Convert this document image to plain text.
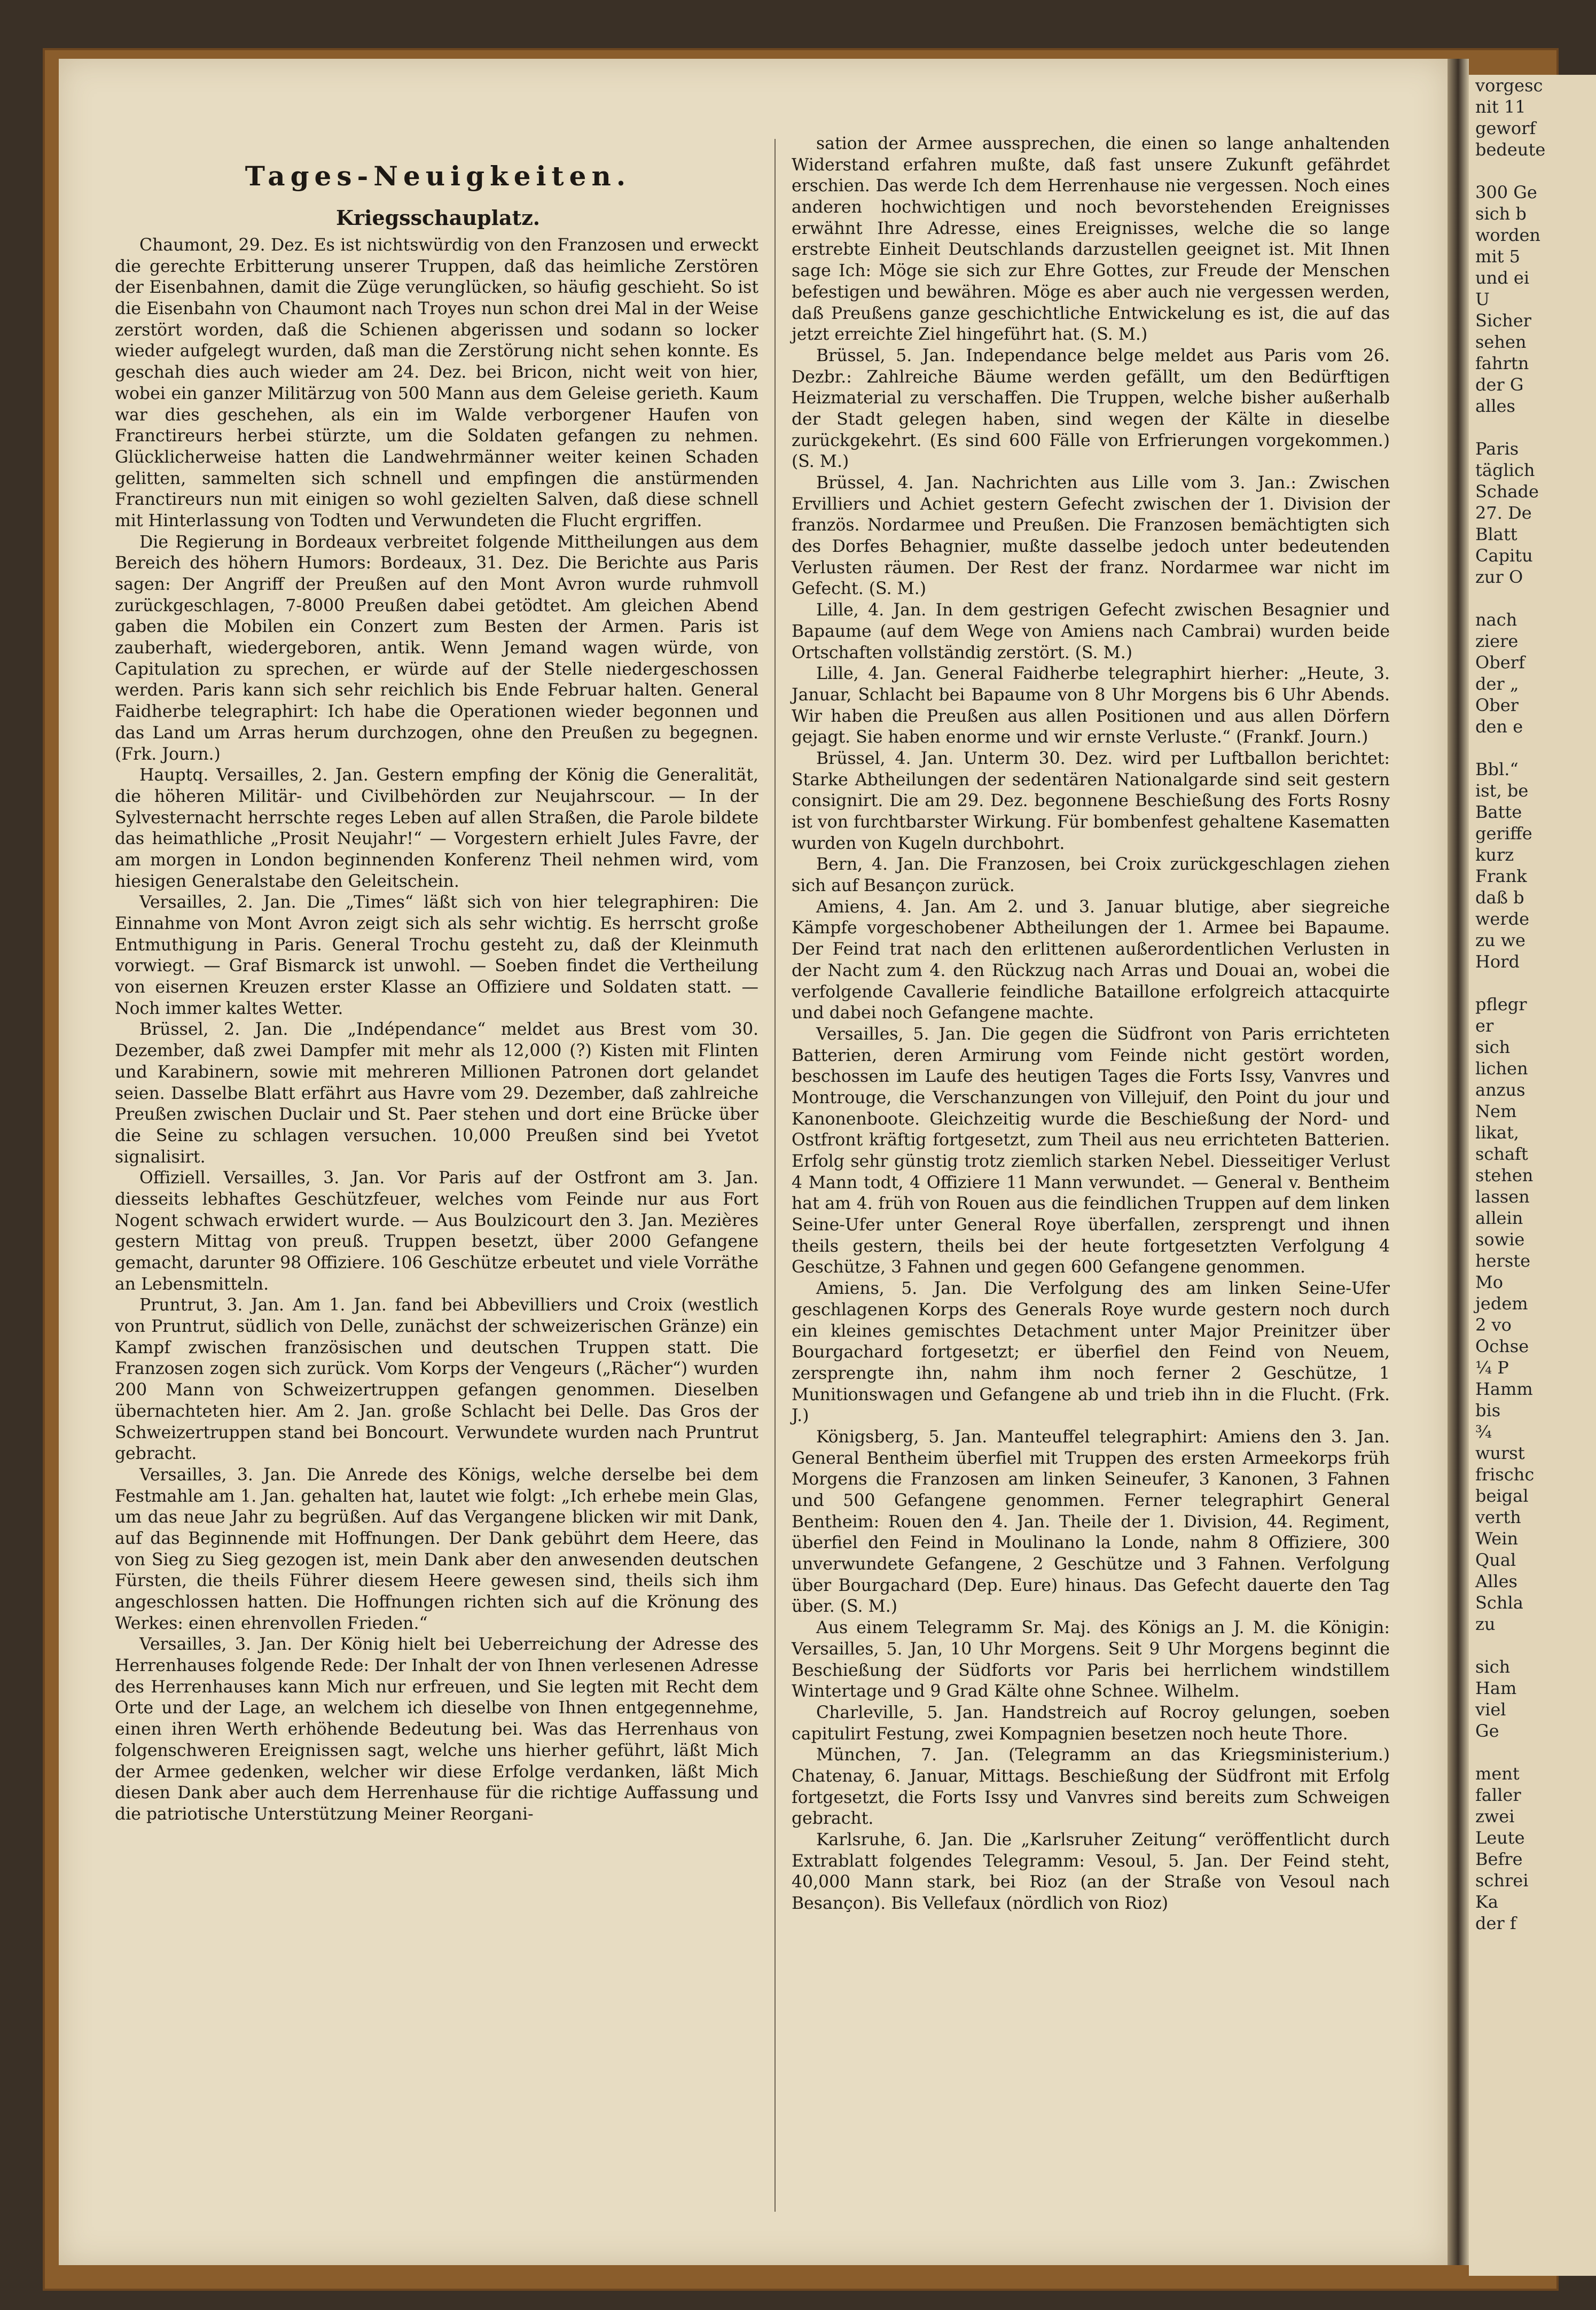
vorgesc
nit 11
geworf
bedeute
300 Ge
sich b
worden
mit 5
und ei
U
Sicher
sehen
fahrtn
der G
alles
Paris
täglich
Schade
27. De
Blatt
Capitu
zur O
nach
ziere
Oberf
der „
Ober
den e
Bbl.“
ist, be
Batte
geriffe
kurz
Frank
daß b
werde
zu we
Hord
pflegr
er
sich
lichen
anzus
Nem
likat,
schaft
stehen
lassen
allein
sowie
herste
Mo
jedem
2 vo
Ochse
¼ P
Hamm
bis
¾
wurst
frischc
beigal
verth
Wein
Qual
Alles
Schla
zu
sich
Ham
viel
Ge
ment
faller
zwei
Leute
Befre
schrei
Ka
der f
Tages-Neuigkeiten.
Kriegsschauplatz.

Chaumont, 29. Dez. Es ist nichtswürdig von den Franzosen und erweckt die gerechte Erbitterung unserer Truppen, daß das heimliche Zerstören der Eisenbahnen, damit die Züge verunglücken, so häufig geschieht. So ist die Eisenbahn von Chaumont nach Troyes nun schon drei Mal in der Weise zerstört worden, daß die Schienen abgerissen und sodann so locker wieder aufgelegt wurden, daß man die Zerstörung nicht sehen konnte. Es geschah dies auch wieder am 24. Dez. bei Bricon, nicht weit von hier, wobei ein ganzer Militärzug von 500 Mann aus dem Geleise gerieth. Kaum war dies geschehen, als ein im Walde verborgener Haufen von Franctireurs herbei stürzte, um die Soldaten gefangen zu nehmen. Glücklicherweise hatten die Landwehrmänner weiter keinen Schaden gelitten, sammelten sich schnell und empfingen die anstürmenden Franctireurs nun mit einigen so wohl gezielten Salven, daß diese schnell mit Hinterlassung von Todten und Verwundeten die Flucht ergriffen.

Die Regierung in Bordeaux verbreitet folgende Mittheilungen aus dem Bereich des höhern Humors: Bordeaux, 31. Dez. Die Berichte aus Paris sagen: Der Angriff der Preußen auf den Mont Avron wurde ruhmvoll zurückgeschlagen, 7-8000 Preußen dabei getödtet. Am gleichen Abend gaben die Mobilen ein Conzert zum Besten der Armen. Paris ist zauberhaft, wiedergeboren, antik. Wenn Jemand wagen würde, von Capitulation zu sprechen, er würde auf der Stelle niedergeschossen werden. Paris kann sich sehr reichlich bis Ende Februar halten. General Faidherbe telegraphirt: Ich habe die Operationen wieder begonnen und das Land um Arras herum durchzogen, ohne den Preußen zu begegnen. (Frk. Journ.)

Hauptq. Versailles, 2. Jan. Gestern empfing der König die Generalität, die höheren Militär- und Civilbehörden zur Neujahrscour. — In der Sylvesternacht herrschte reges Leben auf allen Straßen, die Parole bildete das heimathliche „Prosit Neujahr!“ — Vorgestern erhielt Jules Favre, der am morgen in London beginnenden Konferenz Theil nehmen wird, vom hiesigen Generalstabe den Geleitschein.

Versailles, 2. Jan. Die „Times“ läßt sich von hier telegraphiren: Die Einnahme von Mont Avron zeigt sich als sehr wichtig. Es herrscht große Entmuthigung in Paris. General Trochu gesteht zu, daß der Kleinmuth vorwiegt. — Graf Bismarck ist unwohl. — Soeben findet die Vertheilung von eisernen Kreuzen erster Klasse an Offiziere und Soldaten statt. — Noch immer kaltes Wetter.

Brüssel, 2. Jan. Die „Indépendance“ meldet aus Brest vom 30. Dezember, daß zwei Dampfer mit mehr als 12,000 (?) Kisten mit Flinten und Karabinern, sowie mit mehreren Millionen Patronen dort gelandet seien. Dasselbe Blatt erfährt aus Havre vom 29. Dezember, daß zahlreiche Preußen zwischen Duclair und St. Paer stehen und dort eine Brücke über die Seine zu schlagen versuchen. 10,000 Preußen sind bei Yvetot signalisirt.

Offiziell. Versailles, 3. Jan. Vor Paris auf der Ostfront am 3. Jan. diesseits lebhaftes Geschützfeuer, welches vom Feinde nur aus Fort Nogent schwach erwidert wurde. — Aus Boulzicourt den 3. Jan. Mezières gestern Mittag von preuß. Truppen besetzt, über 2000 Gefangene gemacht, darunter 98 Offiziere. 106 Geschütze erbeutet und viele Vorräthe an Lebensmitteln.

Pruntrut, 3. Jan. Am 1. Jan. fand bei Abbevilliers und Croix (westlich von Pruntrut, südlich von Delle, zunächst der schweizerischen Gränze) ein Kampf zwischen französischen und deutschen Truppen statt. Die Franzosen zogen sich zurück. Vom Korps der Vengeurs („Rächer“) wurden 200 Mann von Schweizertruppen gefangen genommen. Dieselben übernachteten hier. Am 2. Jan. große Schlacht bei Delle. Das Gros der Schweizertruppen stand bei Boncourt. Verwundete wurden nach Pruntrut gebracht.

Versailles, 3. Jan. Die Anrede des Königs, welche derselbe bei dem Festmahle am 1. Jan. gehalten hat, lautet wie folgt: „Ich erhebe mein Glas, um das neue Jahr zu begrüßen. Auf das Vergangene blicken wir mit Dank, auf das Beginnende mit Hoffnungen. Der Dank gebührt dem Heere, das von Sieg zu Sieg gezogen ist, mein Dank aber den anwesenden deutschen Fürsten, die theils Führer diesem Heere gewesen sind, theils sich ihm angeschlossen hatten. Die Hoffnungen richten sich auf die Krönung des Werkes: einen ehrenvollen Frieden.“

Versailles, 3. Jan. Der König hielt bei Ueberreichung der Adresse des Herrenhauses folgende Rede: Der Inhalt der von Ihnen verlesenen Adresse des Herrenhauses kann Mich nur erfreuen, und Sie legten mit Recht dem Orte und der Lage, an welchem ich dieselbe von Ihnen entgegennehme, einen ihren Werth erhöhende Bedeutung bei. Was das Herrenhaus von folgenschweren Ereignissen sagt, welche uns hierher geführt, läßt Mich der Armee gedenken, welcher wir diese Erfolge verdanken, läßt Mich diesen Dank aber auch dem Herrenhause für die richtige Auffassung und die patriotische Unterstützung Meiner Reorgani-

sation der Armee aussprechen, die einen so lange anhaltenden Widerstand erfahren mußte, daß fast unsere Zukunft gefährdet erschien. Das werde Ich dem Herrenhause nie vergessen. Noch eines anderen hochwichtigen und noch bevorstehenden Ereignisses erwähnt Ihre Adresse, eines Ereignisses, welche die so lange erstrebte Einheit Deutschlands darzustellen geeignet ist. Mit Ihnen sage Ich: Möge sie sich zur Ehre Gottes, zur Freude der Menschen befestigen und bewähren. Möge es aber auch nie vergessen werden, daß Preußens ganze geschichtliche Entwickelung es ist, die auf das jetzt erreichte Ziel hingeführt hat. (S. M.)

Brüssel, 5. Jan. Independance belge meldet aus Paris vom 26. Dezbr.: Zahlreiche Bäume werden gefällt, um den Bedürftigen Heizmaterial zu verschaffen. Die Truppen, welche bisher außerhalb der Stadt gelegen haben, sind wegen der Kälte in dieselbe zurückgekehrt. (Es sind 600 Fälle von Erfrierungen vorgekommen.) (S. M.)

Brüssel, 4. Jan. Nachrichten aus Lille vom 3. Jan.: Zwischen Ervilliers und Achiet gestern Gefecht zwischen der 1. Division der französ. Nordarmee und Preußen. Die Franzosen bemächtigten sich des Dorfes Behagnier, mußte dasselbe jedoch unter bedeutenden Verlusten räumen. Der Rest der franz. Nordarmee war nicht im Gefecht. (S. M.)

Lille, 4. Jan. In dem gestrigen Gefecht zwischen Besagnier und Bapaume (auf dem Wege von Amiens nach Cambrai) wurden beide Ortschaften vollständig zerstört. (S. M.)

Lille, 4. Jan. General Faidherbe telegraphirt hierher: „Heute, 3. Januar, Schlacht bei Bapaume von 8 Uhr Morgens bis 6 Uhr Abends. Wir haben die Preußen aus allen Positionen und aus allen Dörfern gejagt. Sie haben enorme und wir ernste Verluste.“ (Frankf. Journ.)

Brüssel, 4. Jan. Unterm 30. Dez. wird per Luftballon berichtet: Starke Abtheilungen der sedentären Nationalgarde sind seit gestern consignirt. Die am 29. Dez. begonnene Beschießung des Forts Rosny ist von furchtbarster Wirkung. Für bombenfest gehaltene Kasematten wurden von Kugeln durchbohrt.

Bern, 4. Jan. Die Franzosen, bei Croix zurückgeschlagen ziehen sich auf Besançon zurück.

Amiens, 4. Jan. Am 2. und 3. Januar blutige, aber siegreiche Kämpfe vorgeschobener Abtheilungen der 1. Armee bei Bapaume. Der Feind trat nach den erlittenen außerordentlichen Verlusten in der Nacht zum 4. den Rückzug nach Arras und Douai an, wobei die verfolgende Cavallerie feindliche Bataillone erfolgreich attacquirte und dabei noch Gefangene machte.

Versailles, 5. Jan. Die gegen die Südfront von Paris errichteten Batterien, deren Armirung vom Feinde nicht gestört worden, beschossen im Laufe des heutigen Tages die Forts Issy, Vanvres und Montrouge, die Verschanzungen von Villejuif, den Point du jour und Kanonenboote. Gleichzeitig wurde die Beschießung der Nord- und Ostfront kräftig fortgesetzt, zum Theil aus neu errichteten Batterien. Erfolg sehr günstig trotz ziemlich starken Nebel. Diesseitiger Verlust 4 Mann todt, 4 Offiziere 11 Mann verwundet. — General v. Bentheim hat am 4. früh von Rouen aus die feindlichen Truppen auf dem linken Seine-Ufer unter General Roye überfallen, zersprengt und ihnen theils gestern, theils bei der heute fortgesetzten Verfolgung 4 Geschütze, 3 Fahnen und gegen 600 Gefangene genommen.

Amiens, 5. Jan. Die Verfolgung des am linken Seine-Ufer geschlagenen Korps des Generals Roye wurde gestern noch durch ein kleines gemischtes Detachment unter Major Preinitzer über Bourgachard fortgesetzt; er überfiel den Feind von Neuem, zersprengte ihn, nahm ihm noch ferner 2 Geschütze, 1 Munitionswagen und Gefangene ab und trieb ihn in die Flucht. (Frk. J.)

Königsberg, 5. Jan. Manteuffel telegraphirt: Amiens den 3. Jan. General Bentheim überfiel mit Truppen des ersten Armeekorps früh Morgens die Franzosen am linken Seineufer, 3 Kanonen, 3 Fahnen und 500 Gefangene genommen. Ferner telegraphirt General Bentheim: Rouen den 4. Jan. Theile der 1. Division, 44. Regiment, überfiel den Feind in Moulinano la Londe, nahm 8 Offiziere, 300 unverwundete Gefangene, 2 Geschütze und 3 Fahnen. Verfolgung über Bourgachard (Dep. Eure) hinaus. Das Gefecht dauerte den Tag über. (S. M.)

Aus einem Telegramm Sr. Maj. des Königs an J. M. die Königin: Versailles, 5. Jan, 10 Uhr Morgens. Seit 9 Uhr Morgens beginnt die Beschießung der Südforts vor Paris bei herrlichem windstillem Wintertage und 9 Grad Kälte ohne Schnee. Wilhelm.

Charleville, 5. Jan. Handstreich auf Rocroy gelungen, soeben capitulirt Festung, zwei Kompagnien besetzen noch heute Thore.

München, 7. Jan. (Telegramm an das Kriegsministerium.) Chatenay, 6. Januar, Mittags. Beschießung der Südfront mit Erfolg fortgesetzt, die Forts Issy und Vanvres sind bereits zum Schweigen gebracht.

Karlsruhe, 6. Jan. Die „Karlsruher Zeitung“ veröffentlicht durch Extrablatt folgendes Telegramm: Vesoul, 5. Jan. Der Feind steht, 40,000 Mann stark, bei Rioz (an der Straße von Vesoul nach Besançon). Bis Vellefaux (nördlich von Rioz)
